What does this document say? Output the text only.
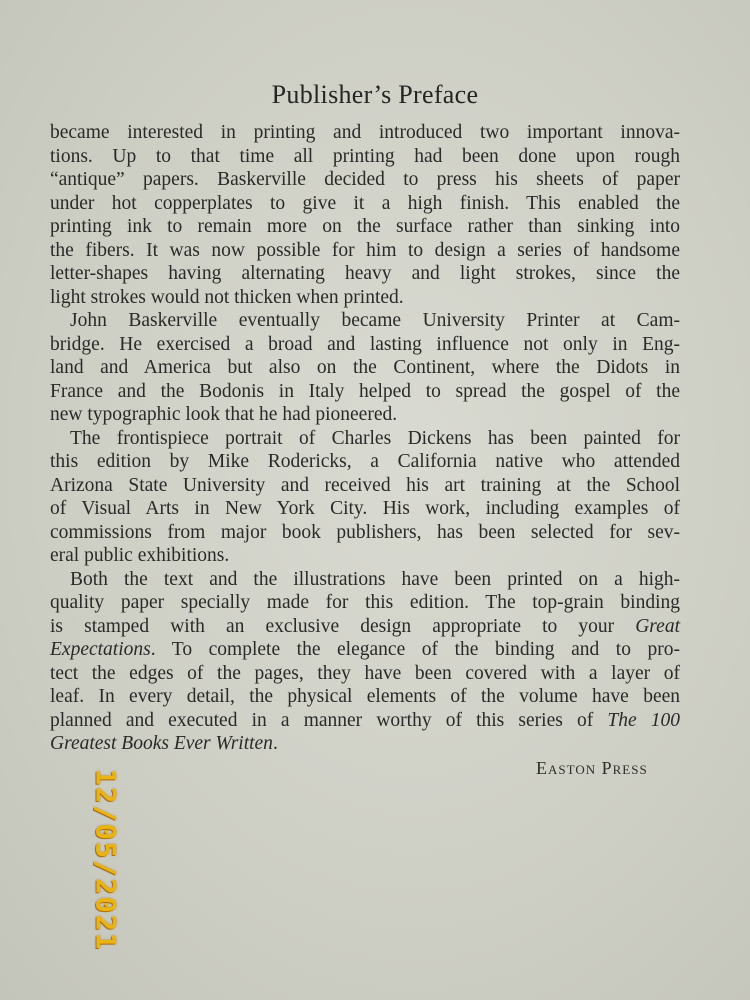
Publisher’s Preface
became interested in printing and introduced two important innova-
tions. Up to that time all printing had been done upon rough
“antique” papers. Baskerville decided to press his sheets of paper
under hot copperplates to give it a high finish. This enabled the
printing ink to remain more on the surface rather than sinking into
the fibers. It was now possible for him to design a series of handsome
letter-shapes having alternating heavy and light strokes, since the
light strokes would not thicken when printed.
John Baskerville eventually became University Printer at Cam-
bridge. He exercised a broad and lasting influence not only in Eng-
land and America but also on the Continent, where the Didots in
France and the Bodonis in Italy helped to spread the gospel of the
new typographic look that he had pioneered.
The frontispiece portrait of Charles Dickens has been painted for
this edition by Mike Rodericks, a California native who attended
Arizona State University and received his art training at the School
of Visual Arts in New York City. His work, including examples of
commissions from major book publishers, has been selected for sev-
eral public exhibitions.
Both the text and the illustrations have been printed on a high-
quality paper specially made for this edition. The top-grain binding
is stamped with an exclusive design appropriate to your Great
Expectations. To complete the elegance of the binding and to pro-
tect the edges of the pages, they have been covered with a layer of
leaf. In every detail, the physical elements of the volume have been
planned and executed in a manner worthy of this series of The 100
Greatest Books Ever Written.
Easton Press
12/05/2021
